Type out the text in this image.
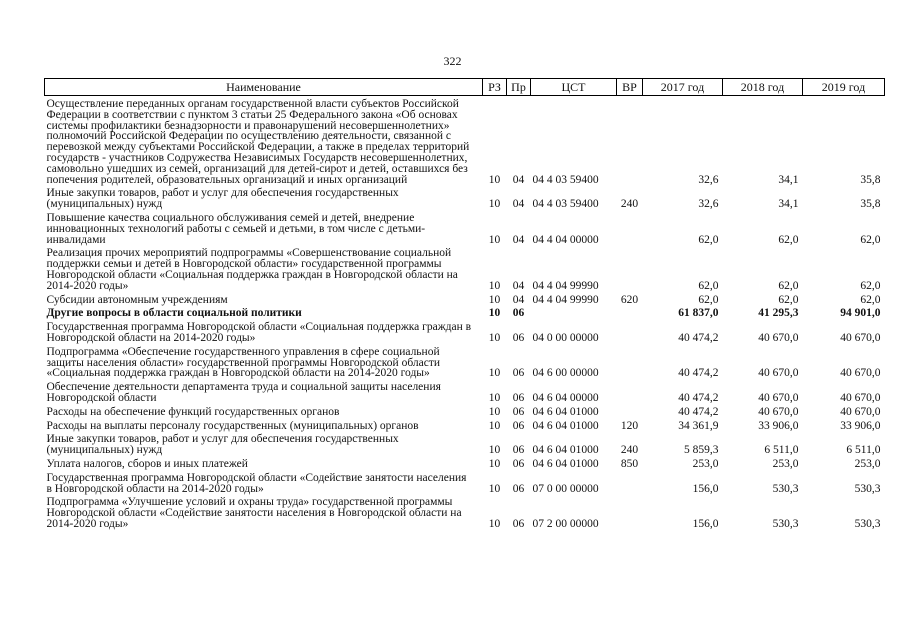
322
Наименование	РЗ	Пр	ЦСТ	ВР	2017 год	2018 год	2019 год
Осуществление переданных органам государственной власти субъектов Российской Федерации в соответствии с пунктом 3 статьи 25 Федерального закона «Об основах системы профилактики безнадзорности и правонарушений несовершеннолетних» полномочий Российской Федерации по осуществлению деятельности, связанной с перевозкой между субъектами Российской Федерации, а также в пределах территорий государств - участников Содружества Независимых Государств несовершеннолетних, самовольно ушедших из семей, организаций для детей-сирот и детей, оставшихся без попечения родителей, образовательных организаций и иных организаций	10	04	04 4 03 59400		32,6	34,1	35,8
Иные закупки товаров, работ и услуг для обеспечения государственных (муниципальных) нужд	10	04	04 4 03 59400	240	32,6	34,1	35,8
Повышение качества социального обслуживания семей и детей, внедрение инновационных технологий работы с семьей и детьми, в том числе с детьми-инвалидами	10	04	04 4 04 00000		62,0	62,0	62,0
Реализация прочих мероприятий подпрограммы «Совершенствование социальной поддержки семьи и детей в Новгородской области» государственной программы Новгородской области «Социальная поддержка граждан в Новгородской области на 2014-2020 годы»	10	04	04 4 04 99990		62,0	62,0	62,0
Субсидии автономным учреждениям	10	04	04 4 04 99990	620	62,0	62,0	62,0
Другие вопросы в области социальной политики	10	06			61 837,0	41 295,3	94 901,0
Государственная программа Новгородской области «Социальная поддержка граждан в Новгородской области на 2014-2020 годы»	10	06	04 0 00 00000		40 474,2	40 670,0	40 670,0
Подпрограмма «Обеспечение государственного управления в сфере социальной защиты населения области» государственной программы Новгородской области «Социальная поддержка граждан в Новгородской области на 2014-2020 годы»	10	06	04 6 00 00000		40 474,2	40 670,0	40 670,0
Обеспечение деятельности департамента труда и социальной защиты населения Новгородской области	10	06	04 6 04 00000		40 474,2	40 670,0	40 670,0
Расходы на обеспечение функций государственных органов	10	06	04 6 04 01000		40 474,2	40 670,0	40 670,0
Расходы на выплаты персоналу государственных (муниципальных) органов	10	06	04 6 04 01000	120	34 361,9	33 906,0	33 906,0
Иные закупки товаров, работ и услуг для обеспечения государственных (муниципальных) нужд	10	06	04 6 04 01000	240	5 859,3	6 511,0	6 511,0
Уплата налогов, сборов и иных платежей	10	06	04 6 04 01000	850	253,0	253,0	253,0
Государственная программа Новгородской области «Содействие занятости населения в Новгородской области на 2014-2020 годы»	10	06	07 0 00 00000		156,0	530,3	530,3
Подпрограмма «Улучшение условий и охраны труда» государственной программы Новгородской области «Содействие занятости населения в Новгородской области на 2014-2020 годы»	10	06	07 2 00 00000		156,0	530,3	530,3
